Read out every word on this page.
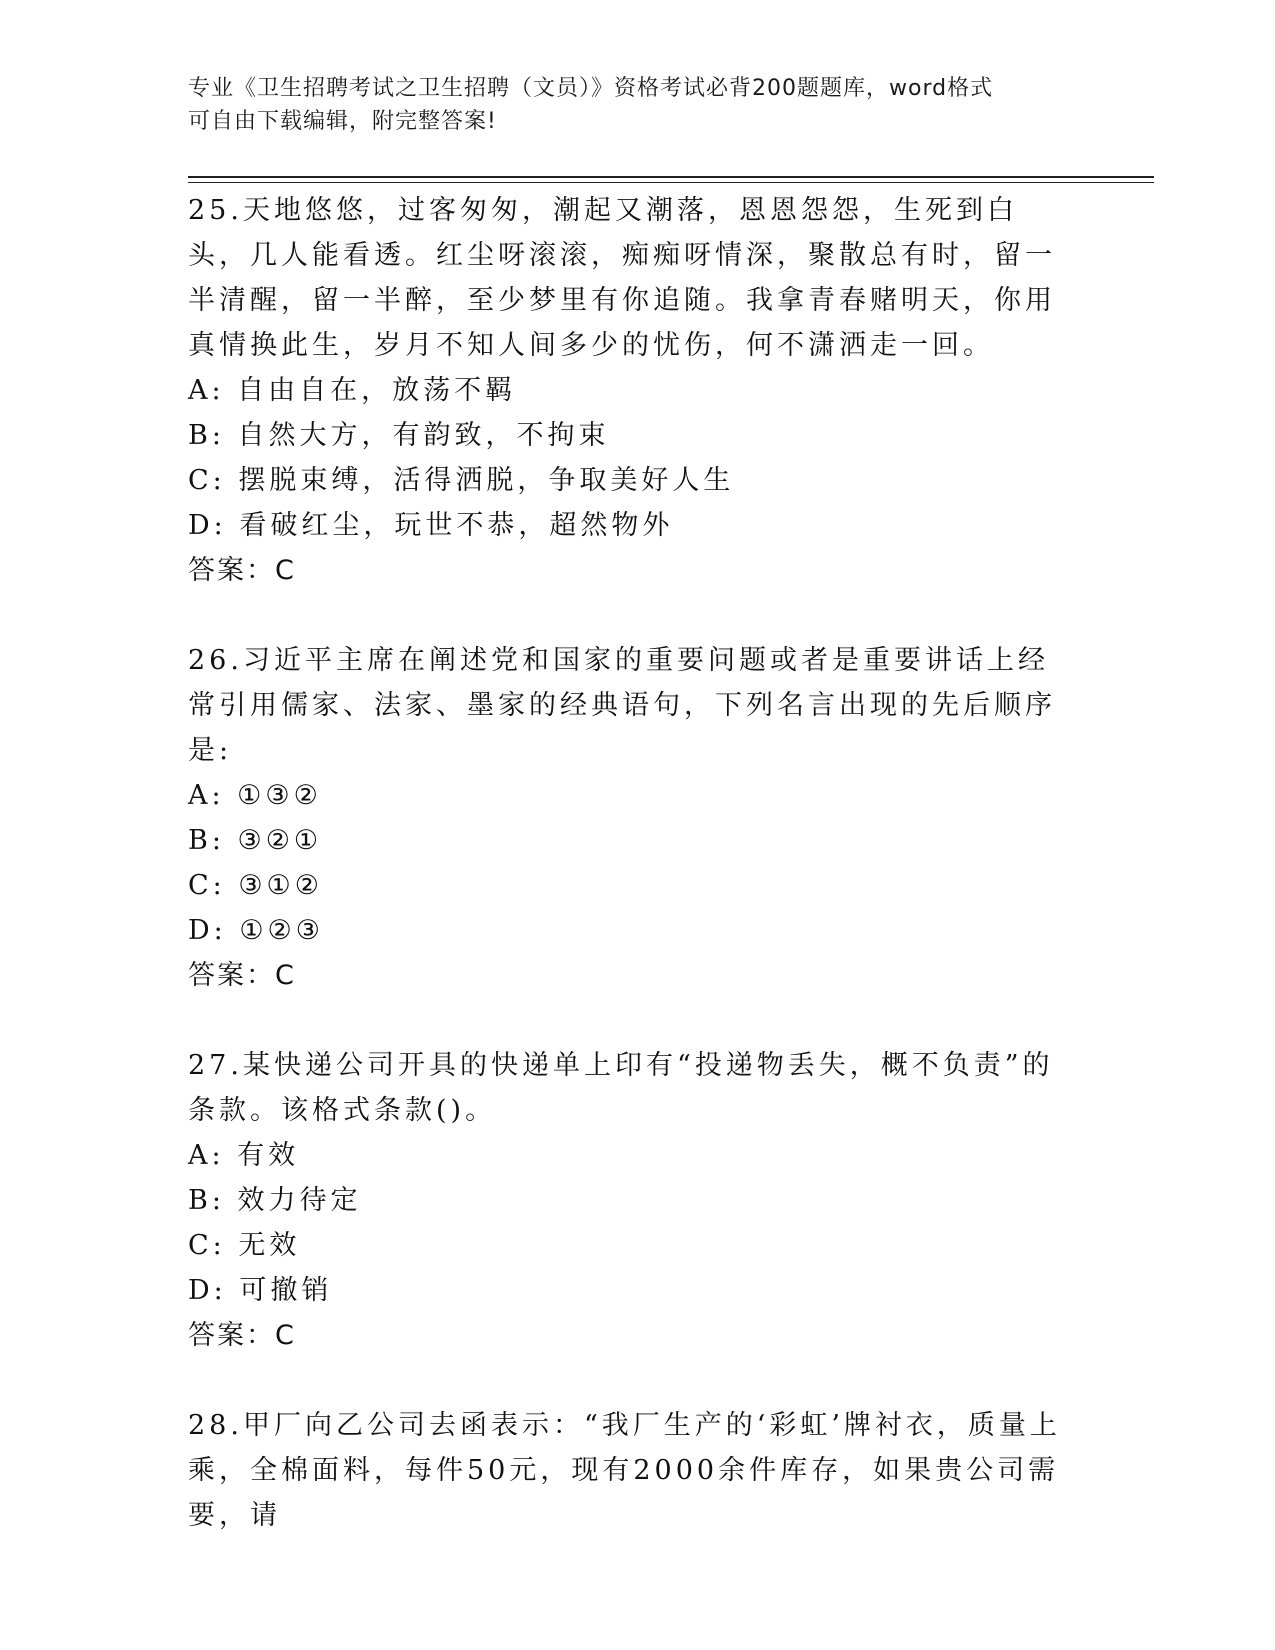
专业《卫生招聘考试之卫生招聘（文员）》资格考试必背200题题库，word格式
可自由下载编辑，附完整答案!

25.天地悠悠，过客匆匆，潮起又潮落，恩恩怨怨，生死到白头，几人能看透。红尘呀滚滚，痴痴呀情深，聚散总有时，留一半清醒，留一半醉，至少梦里有你追随。我拿青春赌明天，你用真情换此生，岁月不知人间多少的忧伤，何不潇洒走一回。

A: 自由自在，放荡不羁

B: 自然大方，有韵致，不拘束

C: 摆脱束缚，活得洒脱，争取美好人生

D: 看破红尘，玩世不恭，超然物外

答案：C

26.习近平主席在阐述党和国家的重要问题或者是重要讲话上经常引用儒家、法家、墨家的经典语句，下列名言出现的先后顺序是:

A: ①③②

B: ③②①

C: ③①②

D: ①②③

答案：C

27.某快递公司开具的快递单上印有“投递物丢失，概不负责”的条款。该格式条款()。

A: 有效

B: 效力待定

C: 无效

D: 可撤销

答案：C

28.甲厂向乙公司去函表示：“我厂生产的‘彩虹’牌衬衣，质量上乘，全棉面料，每件50元，现有2000余件库存，如果贵公司需要，请
